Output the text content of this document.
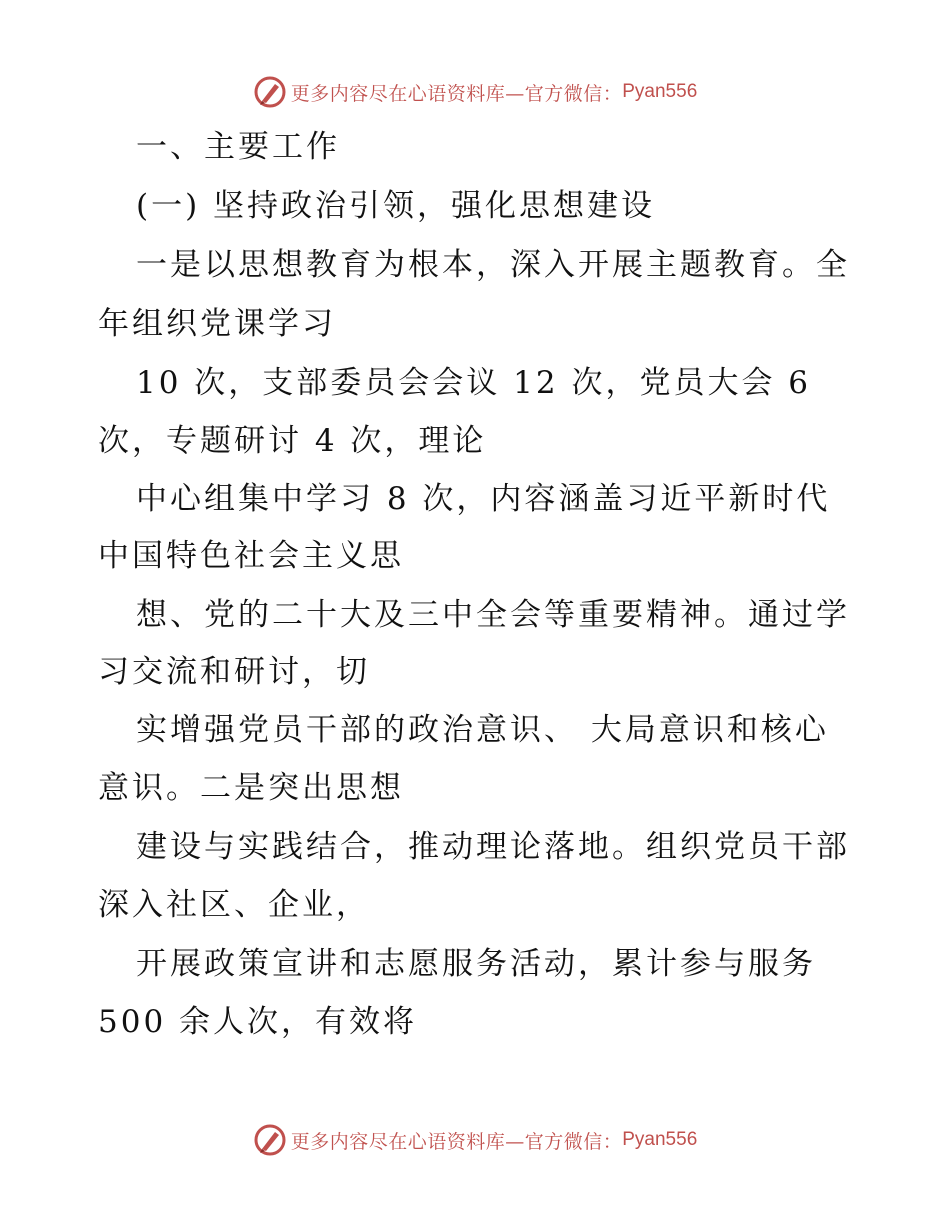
更多内容尽在心语资料库—官方微信： Pyan556
一、主要工作
(一) 坚持政治引领，强化思想建设
一是以思想教育为根本，深入开展主题教育。全
年组织党课学习
10 次，支部委员会会议 12 次，党员大会 6
次，专题研讨 4 次，理论
中心组集中学习 8 次，内容涵盖习近平新时代
中国特色社会主义思
想、党的二十大及三中全会等重要精神。通过学
习交流和研讨，切
实增强党员干部的政治意识、 大局意识和核心
意识。二是突出思想
建设与实践结合，推动理论落地。组织党员干部
深入社区、企业，
开展政策宣讲和志愿服务活动，累计参与服务
500 余人次，有效将
更多内容尽在心语资料库—官方微信： Pyan556
